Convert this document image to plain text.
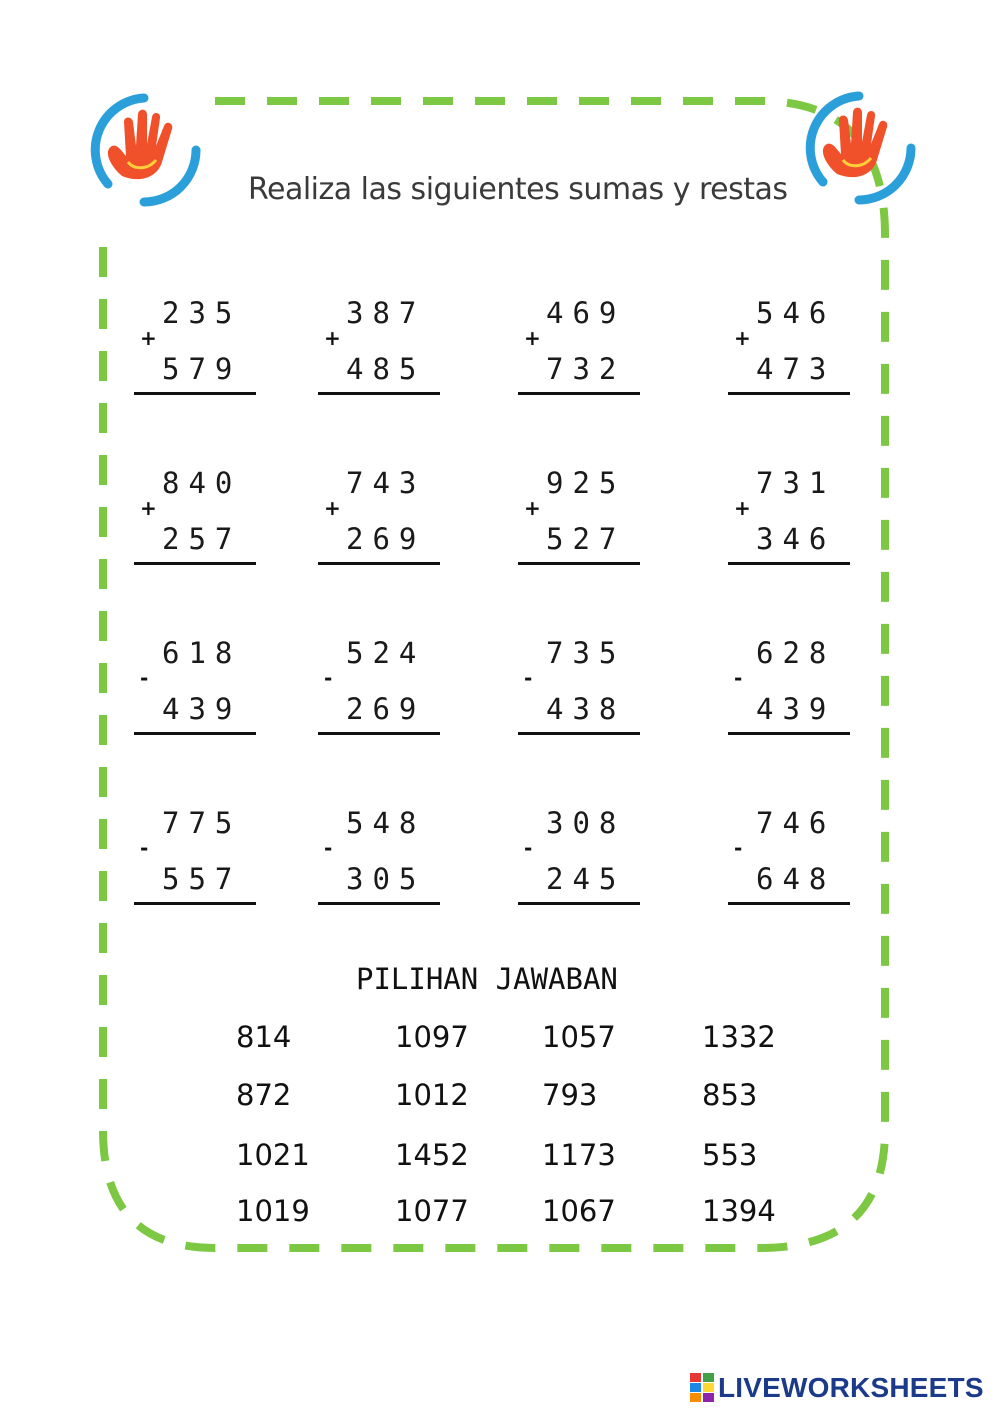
Realiza las siguientes sumas y restas
235
+
579
387
+
485
469
+
732
546
+
473
840
+
257
743
+
269
925
+
527
731
+
346
618
-
439
524
-
269
735
-
438
628
-
439
775
-
557
548
-
305
308
-
245
746
-
648
PILIHAN JAWABAN
814	1097	1057	1332
872	1012	793	853
1021	1452	1173	553
1019	1077	1067	1394
LIVEWORKSHEETS
